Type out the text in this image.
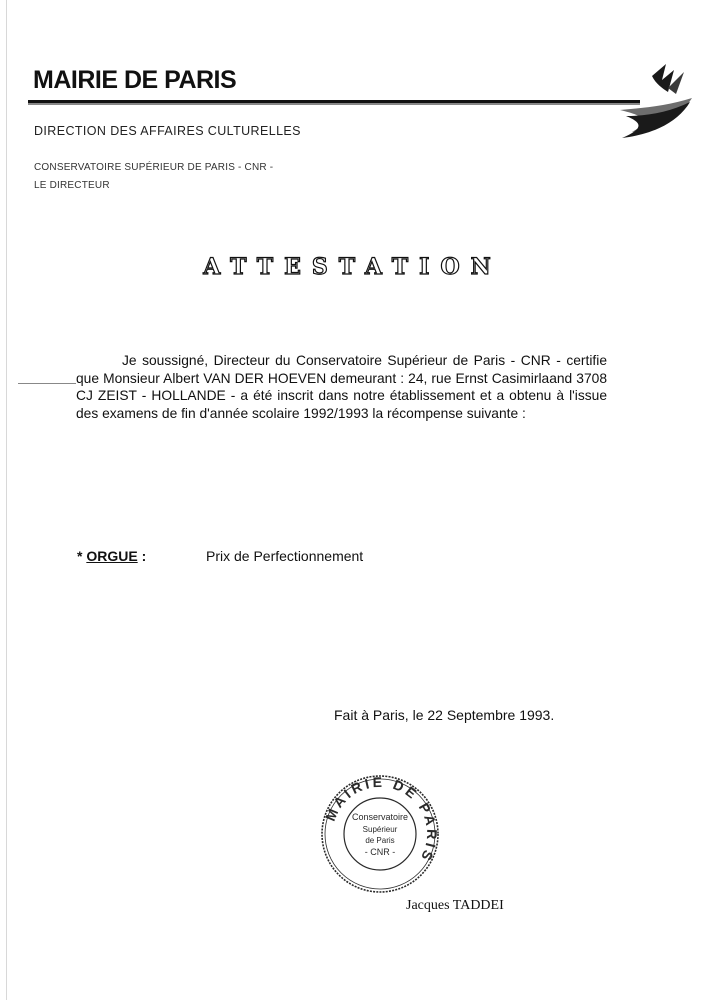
MAIRIE DE PARIS
DIRECTION DES AFFAIRES CULTURELLES
CONSERVATOIRE SUPÉRIEUR DE PARIS - CNR -
LE DIRECTEUR
ATTESTATION
Je soussigné, Directeur du Conservatoire Supérieur de Paris - CNR - certifie que Monsieur Albert VAN DER HOEVEN demeurant : 24, rue Ernst Casimirlaand 3708 CJ ZEIST - HOLLANDE - a été inscrit dans notre établissement et a obtenu à l'issue des examens de fin d'année scolaire 1992/1993 la récompense suivante :
* ORGUE :	Prix de Perfectionnement
Fait à Paris, le 22 Septembre 1993.
MAIRIE DE PARIS
Conservatoire
Supérieur
de Paris
- CNR -
Jacques TADDEI
